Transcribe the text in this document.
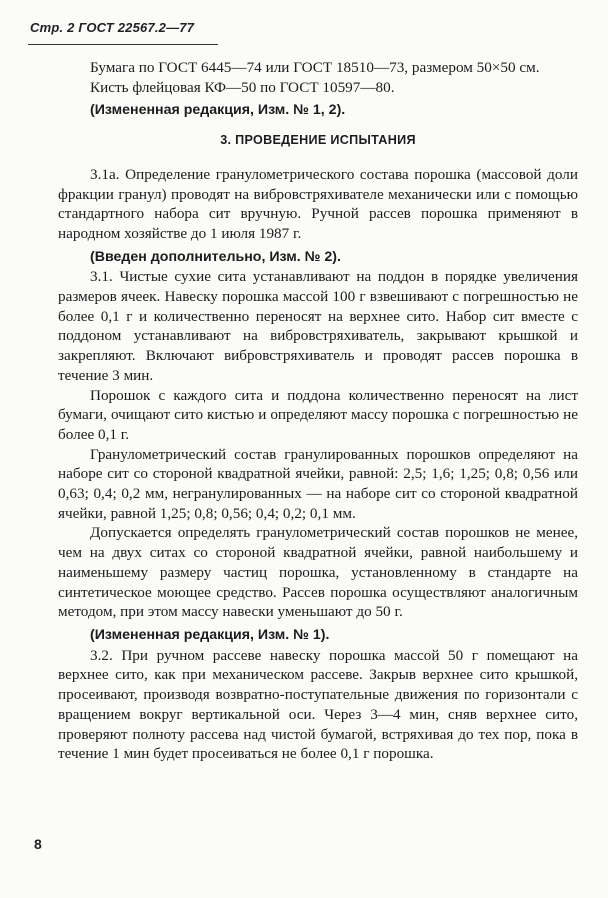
Стр. 2 ГОСТ 22567.2—77

Бумага по ГОСТ 6445—74 или ГОСТ 18510—73, размером 50×50 см.

Кисть флейцовая КФ—50 по ГОСТ 10597—80.

(Измененная редакция, Изм. № 1, 2).

3. ПРОВЕДЕНИЕ ИСПЫТАНИЯ

3.1а. Определение гранулометрического состава порошка (массовой доли фракции гранул) проводят на вибровстряхивателе механически или с помощью стандартного набора сит вручную. Ручной рассев порошка применяют в народном хозяйстве до 1 июля 1987 г.

(Введен дополнительно, Изм. № 2).

3.1. Чистые сухие сита устанавливают на поддон в порядке увеличения размеров ячеек. Навеску порошка массой 100 г взвешивают с погрешностью не более 0,1 г и количественно переносят на верхнее сито. Набор сит вместе с поддоном устанавливают на вибровстряхиватель, закрывают крышкой и закрепляют. Включают вибровстряхиватель и проводят рассев порошка в течение 3 мин.

Порошок с каждого сита и поддона количественно переносят на лист бумаги, очищают сито кистью и определяют массу порошка с погрешностью не более 0,1 г.

Гранулометрический состав гранулированных порошков определяют на наборе сит со стороной квадратной ячейки, равной: 2,5; 1,6; 1,25; 0,8; 0,56 или 0,63; 0,4; 0,2 мм, негранулированных — на наборе сит со стороной квадратной ячейки, равной 1,25; 0,8; 0,56; 0,4; 0,2; 0,1 мм.

Допускается определять гранулометрический состав порошков не менее, чем на двух ситах со стороной квадратной ячейки, равной наибольшему и наименьшему размеру частиц порошка, установленному в стандарте на синтетическое моющее средство. Рассев порошка осуществляют аналогичным методом, при этом массу навески уменьшают до 50 г.

(Измененная редакция, Изм. № 1).

3.2. При ручном рассеве навеску порошка массой 50 г помещают на верхнее сито, как при механическом рассеве. Закрыв верхнее сито крышкой, просеивают, производя возвратно-поступательные движения по горизонтали с вращением вокруг вертикальной оси. Через 3—4 мин, сняв верхнее сито, проверяют полноту рассева над чистой бумагой, встряхивая до тех пор, пока в течение 1 мин будет просеиваться не более 0,1 г порошка.

8
